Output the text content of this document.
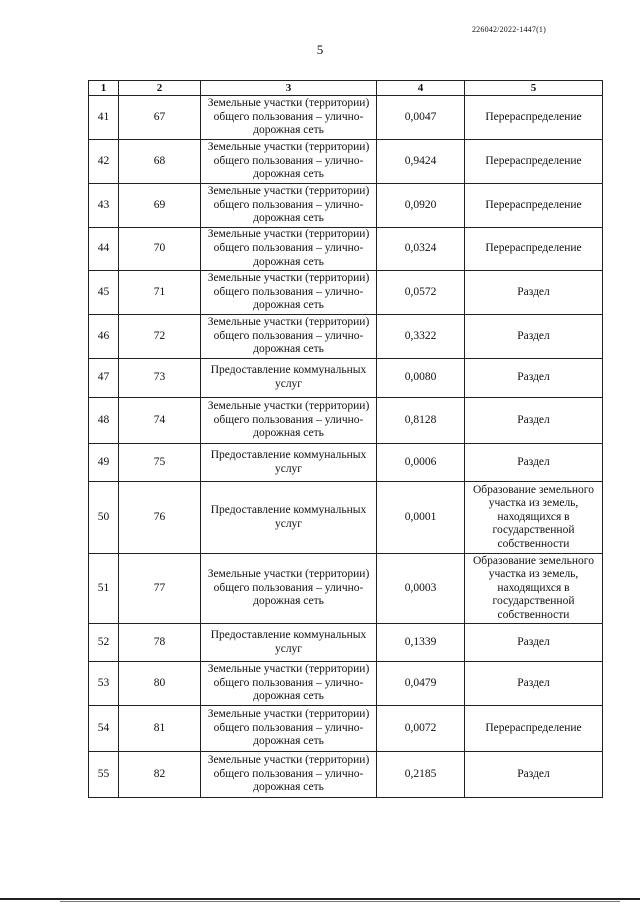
226042/2022-1447(1)
5
1	2	3	4	5
41	67	Земельные участки (территории) общего пользования – улично-дорожная сеть	0,0047	Перераспределение
42	68	Земельные участки (территории) общего пользования – улично-дорожная сеть	0,9424	Перераспределение
43	69	Земельные участки (территории) общего пользования – улично-дорожная сеть	0,0920	Перераспределение
44	70	Земельные участки (территории) общего пользования – улично-дорожная сеть	0,0324	Перераспределение
45	71	Земельные участки (территории) общего пользования – улично-дорожная сеть	0,0572	Раздел
46	72	Земельные участки (территории) общего пользования – улично-дорожная сеть	0,3322	Раздел
47	73	Предоставление коммунальных услуг	0,0080	Раздел
48	74	Земельные участки (территории) общего пользования – улично-дорожная сеть	0,8128	Раздел
49	75	Предоставление коммунальных услуг	0,0006	Раздел
50	76	Предоставление коммунальных услуг	0,0001	Образование земельного участка из земель, находящихся в государственной собственности
51	77	Земельные участки (территории) общего пользования – улично-дорожная сеть	0,0003	Образование земельного участка из земель, находящихся в государственной собственности
52	78	Предоставление коммунальных услуг	0,1339	Раздел
53	80	Земельные участки (территории) общего пользования – улично-дорожная сеть	0,0479	Раздел
54	81	Земельные участки (территории) общего пользования – улично-дорожная сеть	0,0072	Перераспределение
55	82	Земельные участки (территории) общего пользования – улично-дорожная сеть	0,2185	Раздел
